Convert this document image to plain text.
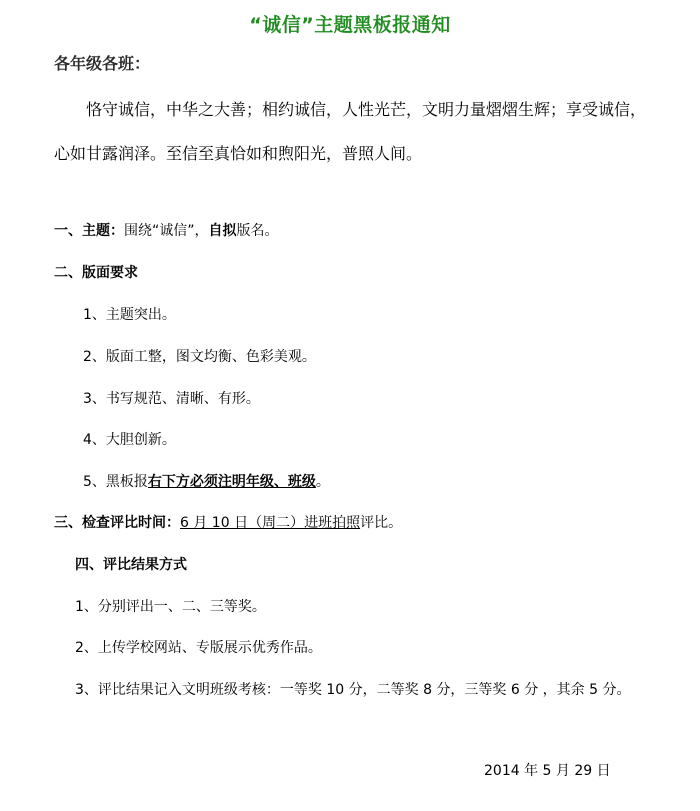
“诚信”主题黑板报通知
各年级各班：
恪守诚信，中华之大善；相约诚信，人性光芒，文明力量熠熠生辉；享受诚信，心如甘露润泽。至信至真恰如和煦阳光，普照人间。
一、主题：围绕“诚信”，自拟版名。
二、版面要求
1、主题突出。
2、版面工整，图文均衡、色彩美观。
3、书写规范、清晰、有形。
4、大胆创新。
5、黑板报右下方必须注明年级、班级。
三、检查评比时间：6 月 10 日（周二）进班拍照评比。
四、评比结果方式
1、分别评出一、二、三等奖。
2、上传学校网站、专版展示优秀作品。
3、评比结果记入文明班级考核：一等奖 10 分，二等奖 8 分，三等奖 6 分 ，其余 5 分。
2014 年 5 月 29 日
